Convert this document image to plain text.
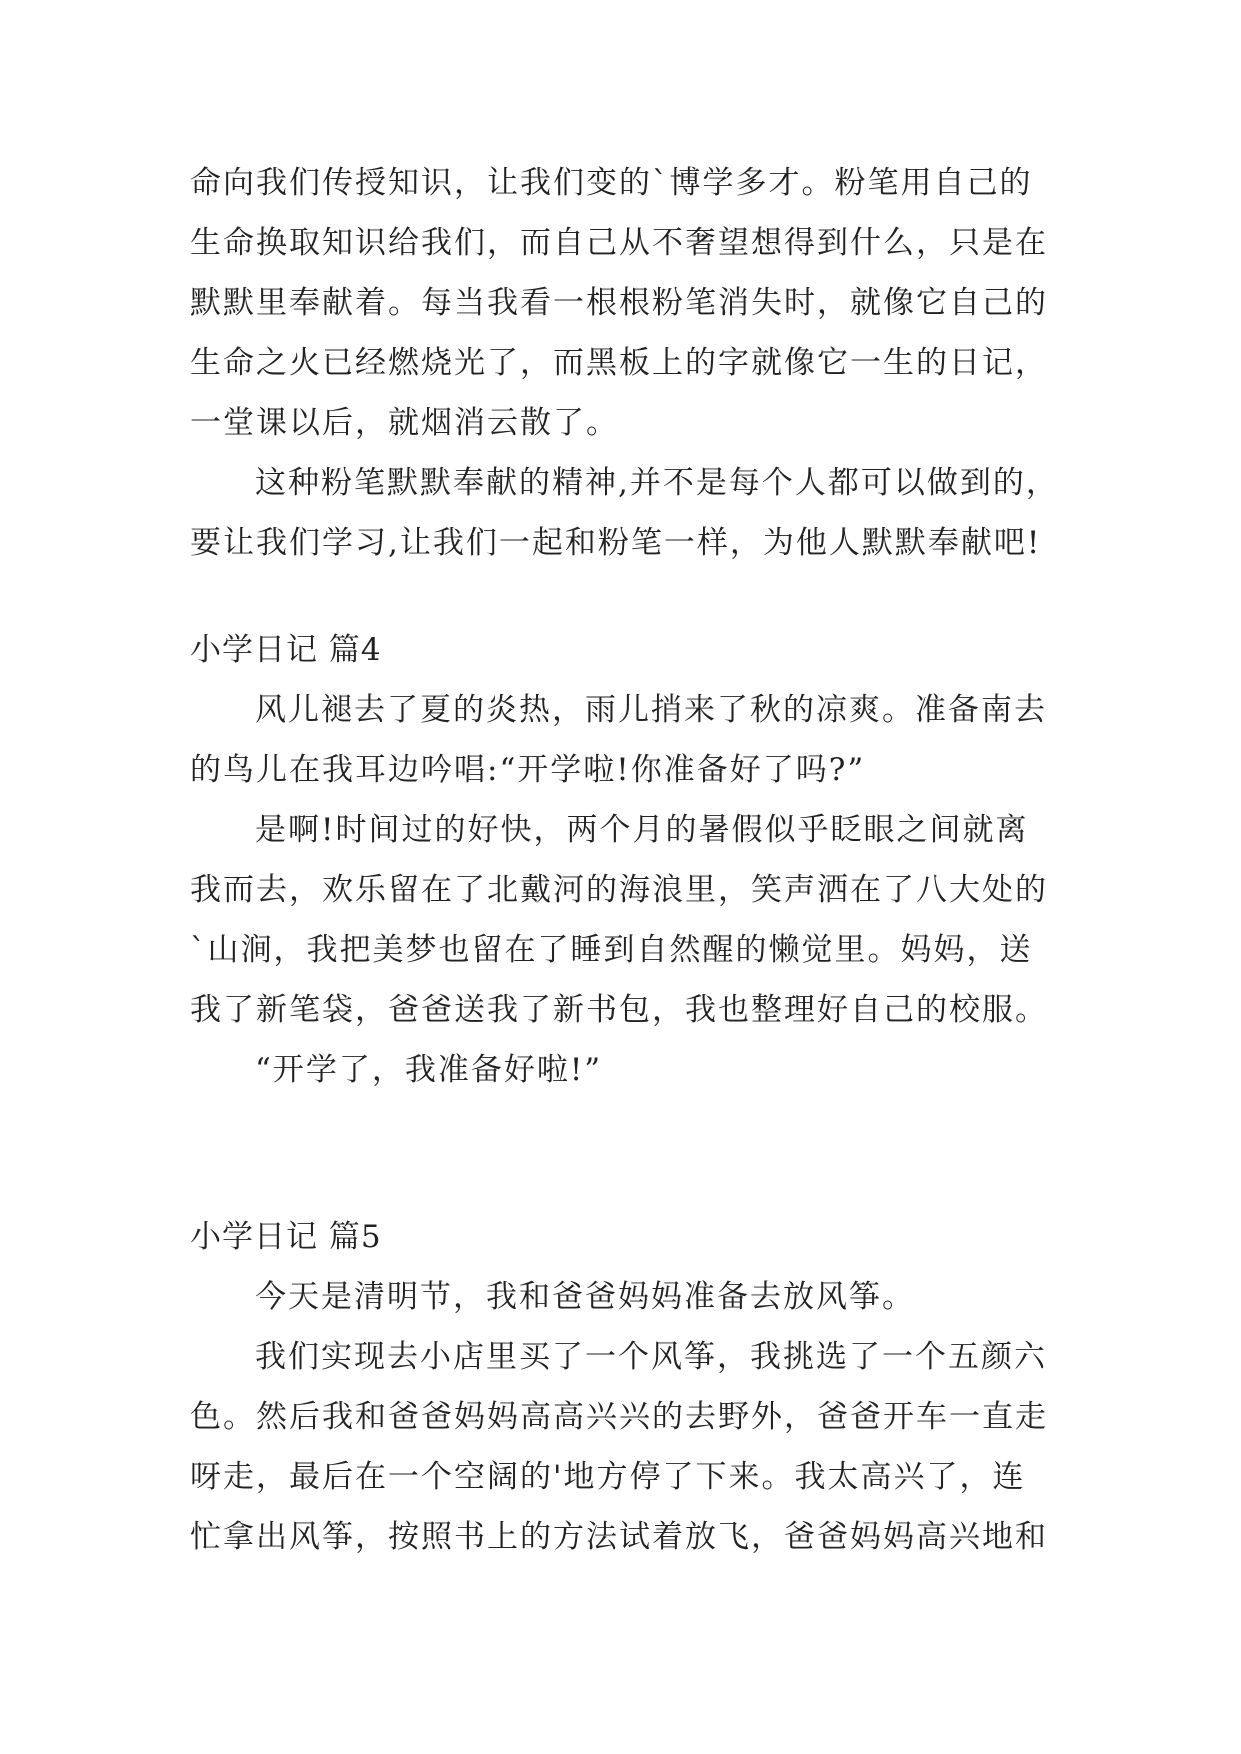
命向我们传授知识，让我们变的`博学多才。粉笔用自己的

生命换取知识给我们，而自己从不奢望想得到什么，只是在

默默里奉献着。每当我看一根根粉笔消失时，就像它自己的

生命之火已经燃烧光了，而黑板上的字就像它一生的日记，

一堂课以后，就烟消云散了。

这种粉笔默默奉献的精神,并不是每个人都可以做到的，

要让我们学习,让我们一起和粉笔一样，为他人默默奉献吧!

小学日记 篇4

风儿褪去了夏的炎热，雨儿捎来了秋的凉爽。准备南去

的鸟儿在我耳边吟唱:“开学啦!你准备好了吗?”

是啊!时间过的好快，两个月的暑假似乎眨眼之间就离

我而去，欢乐留在了北戴河的海浪里，笑声洒在了八大处的

`山涧，我把美梦也留在了睡到自然醒的懒觉里。妈妈，送

我了新笔袋，爸爸送我了新书包，我也整理好自己的校服。

“开学了，我准备好啦!”

小学日记 篇5

今天是清明节，我和爸爸妈妈准备去放风筝。

我们实现去小店里买了一个风筝，我挑选了一个五颜六

色。然后我和爸爸妈妈高高兴兴的去野外，爸爸开车一直走

呀走，最后在一个空阔的'地方停了下来。我太高兴了，连

忙拿出风筝，按照书上的方法试着放飞，爸爸妈妈高兴地和
